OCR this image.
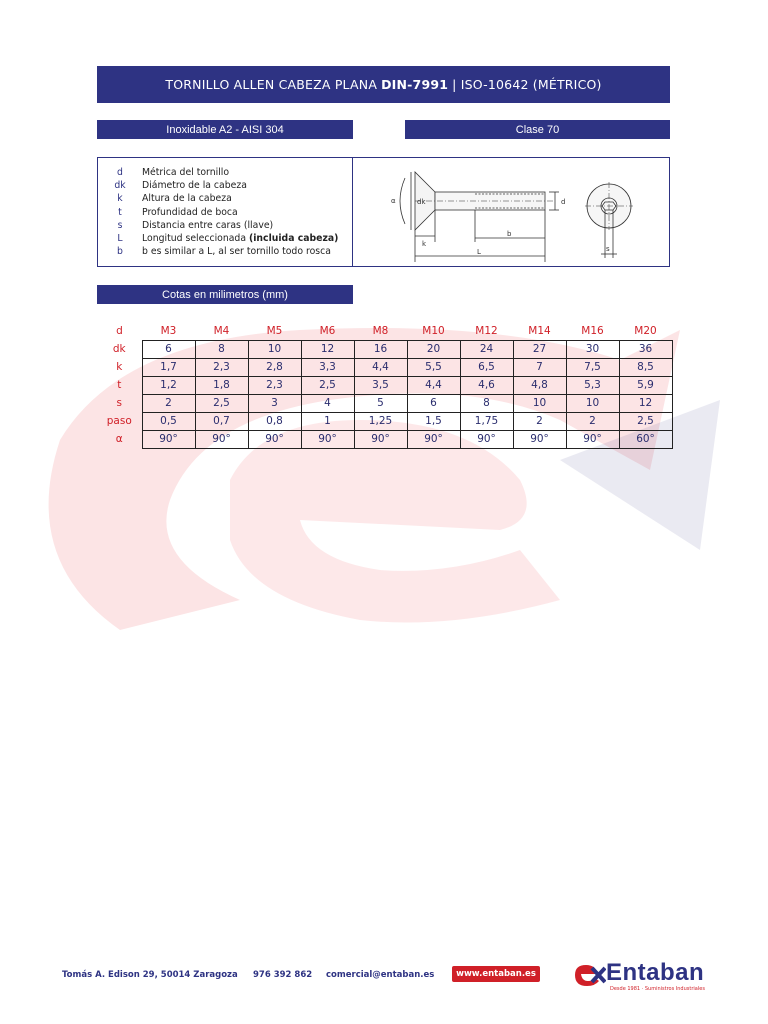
TORNILLO ALLEN CABEZA PLANA DIN-7991 | ISO-10642 (MÉTRICO)
Inoxidable A2 - AISI 304	Clase 70
d	Métrica del tornillo
dk	Diámetro de la cabeza
k	Altura de la cabeza
t	Profundidad de boca
s	Distancia entre caras (llave)
L	Longitud seleccionada (incluida cabeza)
b	b es similar a L, al ser tornillo todo rosca
α	dk
k
b
L
d
s
Cotas en milimetros (mm)
d	M3	M4	M5	M6	M8	M10	M12	M14	M16	M20
dk	6	8	10	12	16	20	24	27	30	36
k	1,7	2,3	2,8	3,3	4,4	5,5	6,5	7	7,5	8,5
t	1,2	1,8	2,3	2,5	3,5	4,4	4,6	4,8	5,3	5,9
s	2	2,5	3	4	5	6	8	10	10	12
paso	0,5	0,7	0,8	1	1,25	1,5	1,75	2	2	2,5
α	90°	90°	90°	90°	90°	90°	90°	90°	90°	60°
Tomás A. Edison 29, 50014 Zaragoza 976 392 862 comercial@entaban.es	www.entaban.es	Entaban
Desde 1981 · Suministros Industriales
